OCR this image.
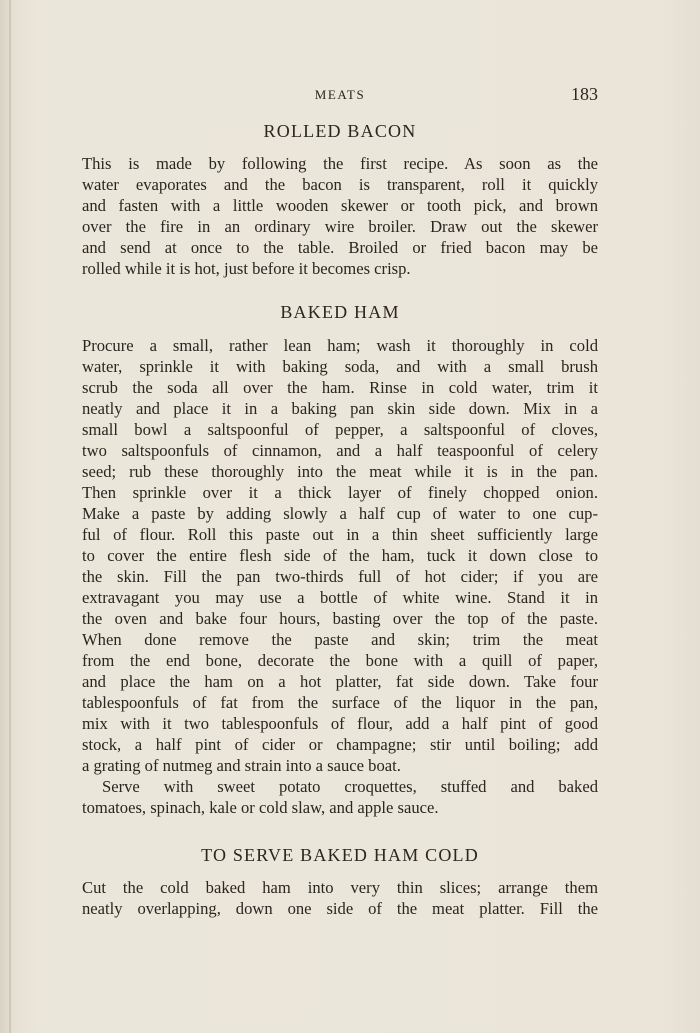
MEATS	183
ROLLED BACON
This is made by following the first recipe. As soon as the
water evaporates and the bacon is transparent, roll it quickly
and fasten with a little wooden skewer or tooth pick, and brown
over the fire in an ordinary wire broiler. Draw out the skewer
and send at once to the table. Broiled or fried bacon may be
rolled while it is hot, just before it becomes crisp.
BAKED HAM
Procure a small, rather lean ham; wash it thoroughly in cold
water, sprinkle it with baking soda, and with a small brush
scrub the soda all over the ham. Rinse in cold water, trim it
neatly and place it in a baking pan skin side down. Mix in a
small bowl a saltspoonful of pepper, a saltspoonful of cloves,
two saltspoonfuls of cinnamon, and a half teaspoonful of celery
seed; rub these thoroughly into the meat while it is in the pan.
Then sprinkle over it a thick layer of finely chopped onion.
Make a paste by adding slowly a half cup of water to one cup-
ful of flour. Roll this paste out in a thin sheet sufficiently large
to cover the entire flesh side of the ham, tuck it down close to
the skin. Fill the pan two-thirds full of hot cider; if you are
extravagant you may use a bottle of white wine. Stand it in
the oven and bake four hours, basting over the top of the paste.
When done remove the paste and skin; trim the meat
from the end bone, decorate the bone with a quill of paper,
and place the ham on a hot platter, fat side down. Take four
tablespoonfuls of fat from the surface of the liquor in the pan,
mix with it two tablespoonfuls of flour, add a half pint of good
stock, a half pint of cider or champagne; stir until boiling; add
a grating of nutmeg and strain into a sauce boat.
Serve with sweet potato croquettes, stuffed and baked
tomatoes, spinach, kale or cold slaw, and apple sauce.
TO SERVE BAKED HAM COLD
Cut the cold baked ham into very thin slices; arrange them
neatly overlapping, down one side of the meat platter. Fill the
